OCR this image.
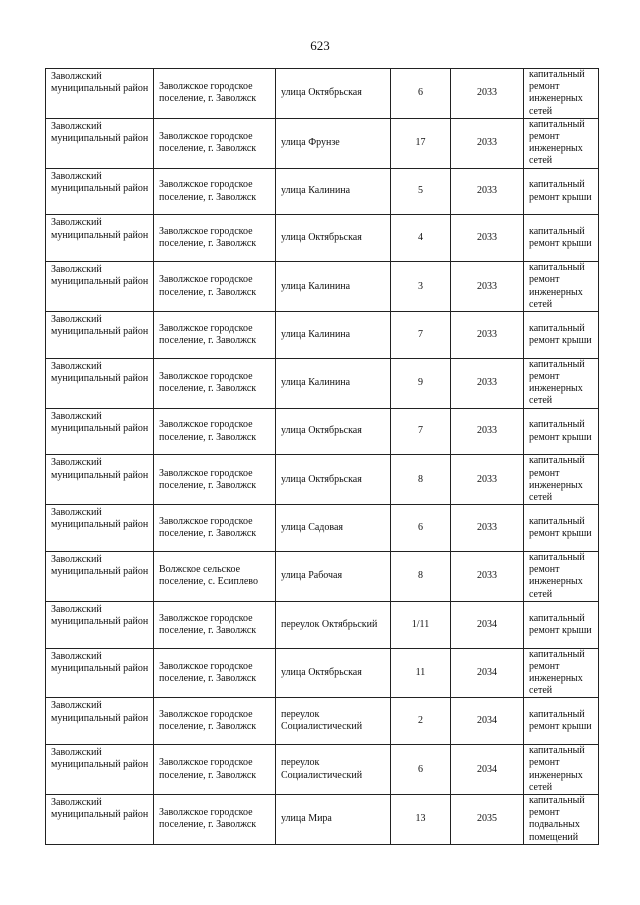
623
Заволжский муниципальный район	Заволжское городское поселение, г. Заволжск	улица Октябрьская	6	2033	капитальный ремонт инженерных сетей
Заволжский муниципальный район	Заволжское городское поселение, г. Заволжск	улица Фрунзе	17	2033	капитальный ремонт инженерных сетей
Заволжский муниципальный район	Заволжское городское поселение, г. Заволжск	улица Калинина	5	2033	капитальный ремонт крыши
Заволжский муниципальный район	Заволжское городское поселение, г. Заволжск	улица Октябрьская	4	2033	капитальный ремонт крыши
Заволжский муниципальный район	Заволжское городское поселение, г. Заволжск	улица Калинина	3	2033	капитальный ремонт инженерных сетей
Заволжский муниципальный район	Заволжское городское поселение, г. Заволжск	улица Калинина	7	2033	капитальный ремонт крыши
Заволжский муниципальный район	Заволжское городское поселение, г. Заволжск	улица Калинина	9	2033	капитальный ремонт инженерных сетей
Заволжский муниципальный район	Заволжское городское поселение, г. Заволжск	улица Октябрьская	7	2033	капитальный ремонт крыши
Заволжский муниципальный район	Заволжское городское поселение, г. Заволжск	улица Октябрьская	8	2033	капитальный ремонт инженерных сетей
Заволжский муниципальный район	Заволжское городское поселение, г. Заволжск	улица Садовая	6	2033	капитальный ремонт крыши
Заволжский муниципальный район	Волжское сельское поселение, с. Есиплево	улица Рабочая	8	2033	капитальный ремонт инженерных сетей
Заволжский муниципальный район	Заволжское городское поселение, г. Заволжск	переулок Октябрьский	1/11	2034	капитальный ремонт крыши
Заволжский муниципальный район	Заволжское городское поселение, г. Заволжск	улица Октябрьская	11	2034	капитальный ремонт инженерных сетей
Заволжский муниципальный район	Заволжское городское поселение, г. Заволжск	переулок Социалистический	2	2034	капитальный ремонт крыши
Заволжский муниципальный район	Заволжское городское поселение, г. Заволжск	переулок Социалистический	6	2034	капитальный ремонт инженерных сетей
Заволжский муниципальный район	Заволжское городское поселение, г. Заволжск	улица Мира	13	2035	капитальный ремонт подвальных помещений
